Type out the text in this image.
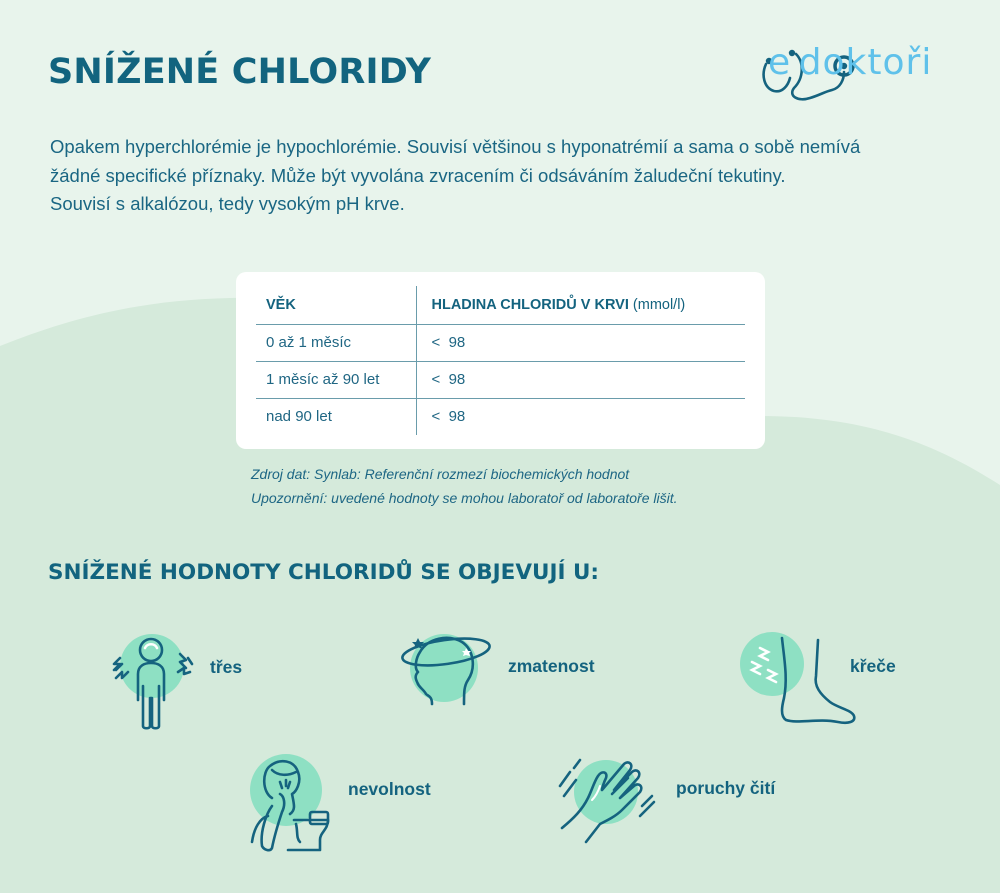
SNÍŽENÉ CHLORIDY	e doktoři
Opakem hyperchlorémie je hypochlorémie. Souvisí většinou s hyponatrémií a sama o sobě nemívá
žádné specifické příznaky. Může být vyvolána zvracením či odsáváním žaludeční tekutiny.
Souvisí s alkalózou, tedy vysokým pH krve.
VĚK	HLADINA CHLORIDŮ V KRVI (mmol/l)
0 až 1 měsíc	<  98
1 měsíc až 90 let	<  98
nad 90 let	<  98
Zdroj dat: Synlab: Referenční rozmezí biochemických hodnot
Upozornění: uvedené hodnoty se mohou laboratoř od laboratoře lišit.
SNÍŽENÉ HODNOTY CHLORIDŮ SE OBJEVUJÍ U:
třes	zmatenost	křeče
nevolnost	poruchy čití
